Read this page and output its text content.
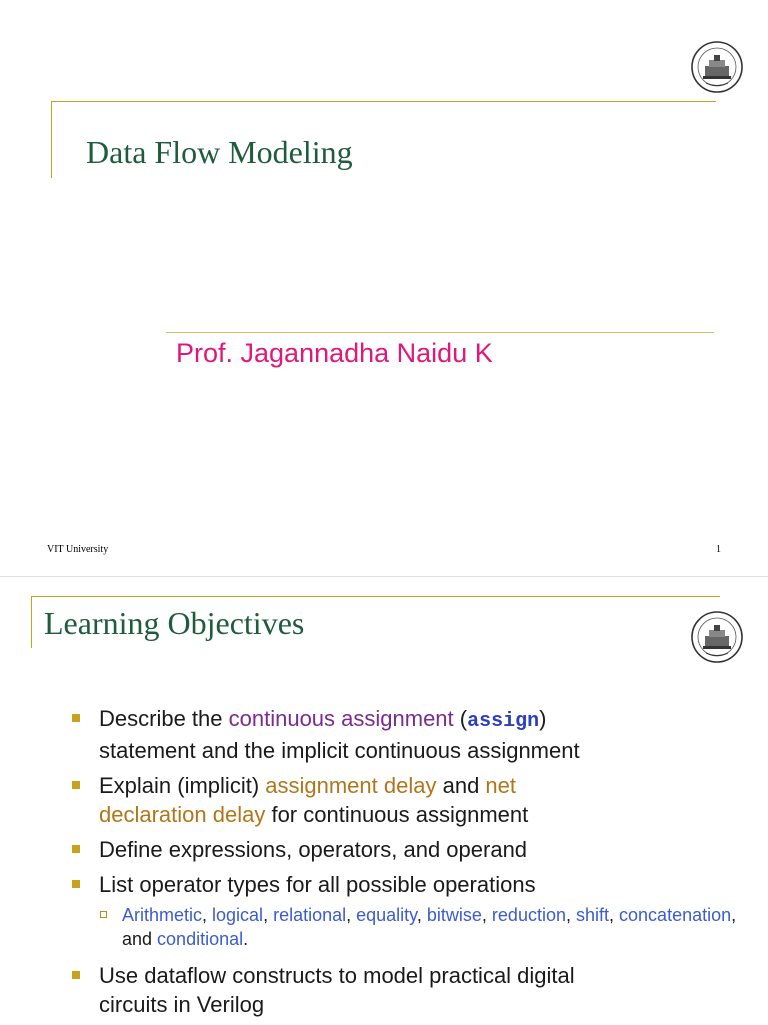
Data Flow Modeling
Prof. Jagannadha Naidu K
VIT University	1
Learning Objectives
Describe the continuous assignment (assign)
statement and the implicit continuous assignment
Explain (implicit) assignment delay and net
declaration delay for continuous assignment
Define expressions, operators, and operand
List operator types for all possible operations
Arithmetic, logical, relational, equality, bitwise, reduction, shift, concatenation, and conditional.
Use dataflow constructs to model practical digital
circuits in Verilog
